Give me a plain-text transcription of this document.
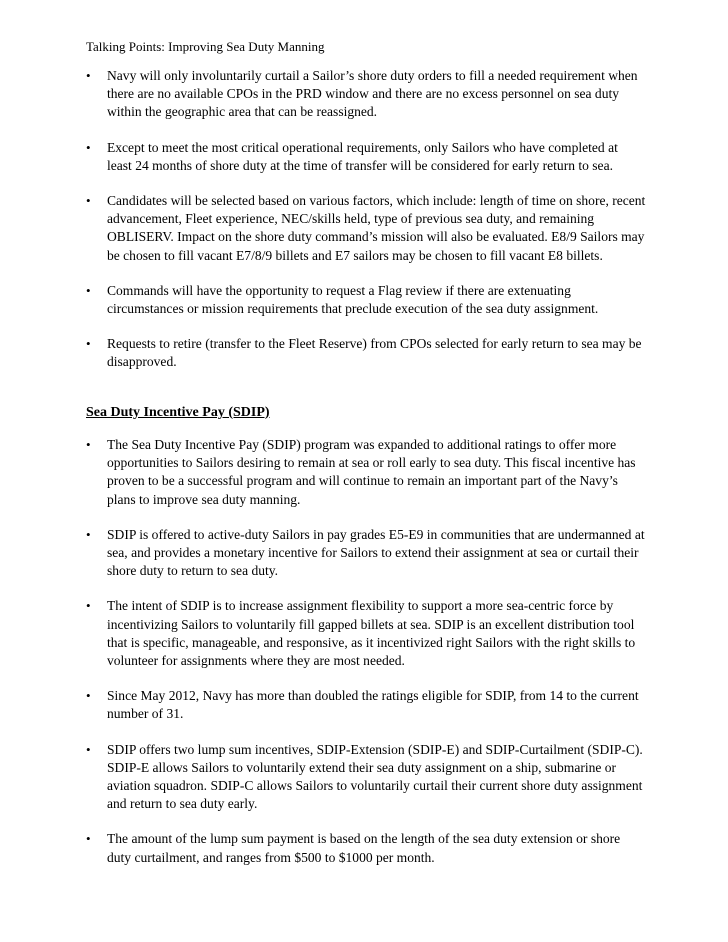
Talking Points: Improving Sea Duty Manning
•	Navy will only involuntarily curtail a Sailor’s shore duty orders to fill a needed requirement when there are no available CPOs in the PRD window and there are no excess personnel on sea duty within the geographic area that can be reassigned.
•	Except to meet the most critical operational requirements, only Sailors who have completed at least 24 months of shore duty at the time of transfer will be considered for early return to sea.
•	Candidates will be selected based on various factors, which include: length of time on shore, recent advancement, Fleet experience, NEC/skills held, type of previous sea duty, and remaining OBLISERV. Impact on the shore duty command’s mission will also be evaluated. E8/9 Sailors may be chosen to fill vacant E7/8/9 billets and E7 sailors may be chosen to fill vacant E8 billets.
•	Commands will have the opportunity to request a Flag review if there are extenuating circumstances or mission requirements that preclude execution of the sea duty assignment.
•	Requests to retire (transfer to the Fleet Reserve) from CPOs selected for early return to sea may be disapproved.
Sea Duty Incentive Pay (SDIP)
•	The Sea Duty Incentive Pay (SDIP) program was expanded to additional ratings to offer more opportunities to Sailors desiring to remain at sea or roll early to sea duty. This fiscal incentive has proven to be a successful program and will continue to remain an important part of the Navy’s plans to improve sea duty manning.
•	SDIP is offered to active-duty Sailors in pay grades E5-E9 in communities that are undermanned at sea, and provides a monetary incentive for Sailors to extend their assignment at sea or curtail their shore duty to return to sea duty.
•	The intent of SDIP is to increase assignment flexibility to support a more sea-centric force by incentivizing Sailors to voluntarily fill gapped billets at sea. SDIP is an excellent distribution tool that is specific, manageable, and responsive, as it incentivized right Sailors with the right skills to volunteer for assignments where they are most needed.
•	Since May 2012, Navy has more than doubled the ratings eligible for SDIP, from 14 to the current number of 31.
•	SDIP offers two lump sum incentives, SDIP-Extension (SDIP-E) and SDIP-Curtailment (SDIP-C). SDIP-E allows Sailors to voluntarily extend their sea duty assignment on a ship, submarine or aviation squadron. SDIP-C allows Sailors to voluntarily curtail their current shore duty assignment and return to sea duty early.
•	The amount of the lump sum payment is based on the length of the sea duty extension or shore duty curtailment, and ranges from $500 to $1000 per month.
